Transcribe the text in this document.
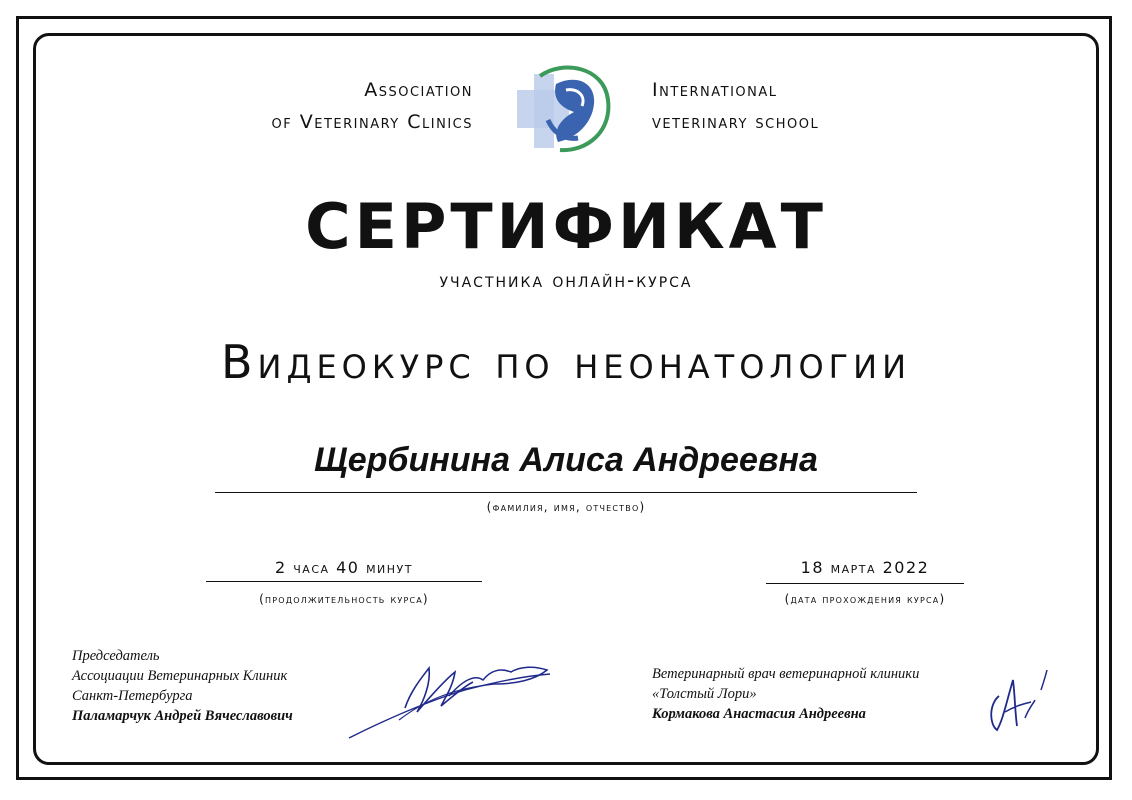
Association
of Veterinary Clinics
International
veterinary school
СЕРТИФИКАТ
участника онлайн-курса
Видеокурс по неонатологии
Щербинина Алиса Андреевна
(фамилия, имя, отчество)
2 часа 40 минут
(продолжительность курса)
18 марта 2022
(дата прохождения курса)
Председатель
Ассоциации Ветеринарных Клиник
Санкт-Петербурга
Паламарчук Андрей Вячеславович
Ветеринарный врач ветеринарной клиники
«Толстый Лори»
Кормакова Анастасия Андреевна
